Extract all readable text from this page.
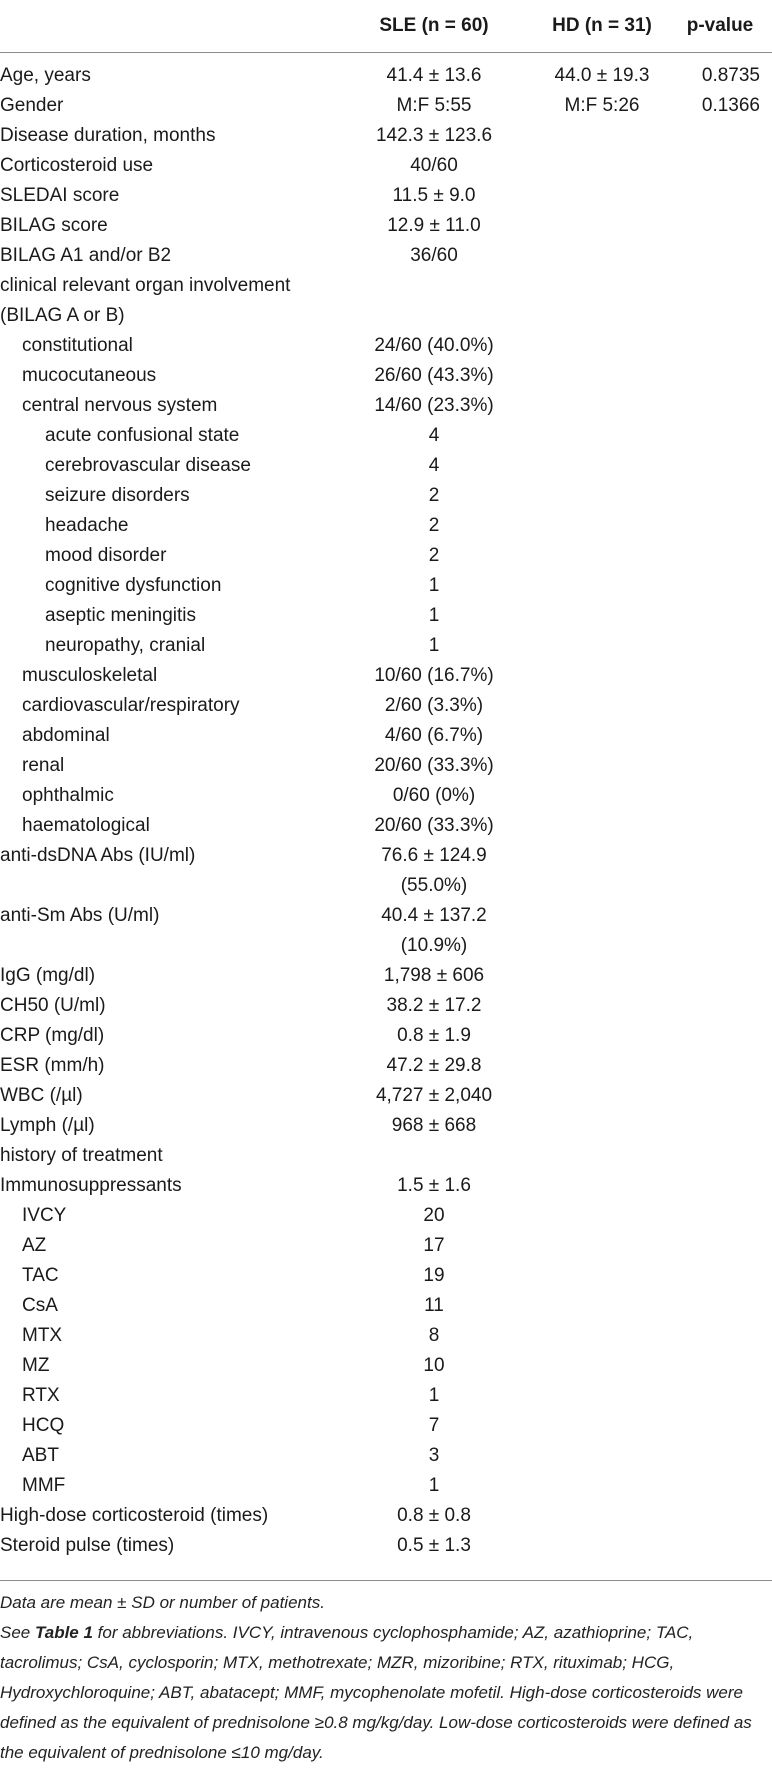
	SLE (n = 60)	HD (n = 31)	p-value

Age, years	41.4 ± 13.6	44.0 ± 19.3	0.8735
Gender	M:F 5:55	M:F 5:26	0.1366
Disease duration, months	142.3 ± 123.6		
Corticosteroid use	40/60		
SLEDAI score	11.5 ± 9.0		
BILAG score	12.9 ± 11.0		
BILAG A1 and/or B2	36/60		
clinical relevant organ involvement			
(BILAG A or B)			
constitutional	24/60 (40.0%)		
mucocutaneous	26/60 (43.3%)		
central nervous system	14/60 (23.3%)		
acute confusional state	4		
cerebrovascular disease	4		
seizure disorders	2		
headache	2		
mood disorder	2		
cognitive dysfunction	1		
aseptic meningitis	1		
neuropathy, cranial	1		
musculoskeletal	10/60 (16.7%)		
cardiovascular/respiratory	2/60 (3.3%)		
abdominal	4/60 (6.7%)		
renal	20/60 (33.3%)		
ophthalmic	0/60 (0%)		
haematological	20/60 (33.3%)		
anti-dsDNA Abs (IU/ml)	76.6 ± 124.9		
	(55.0%)		
anti-Sm Abs (U/ml)	40.4 ± 137.2		
	(10.9%)		
IgG (mg/dl)	1,798 ± 606		
CH50 (U/ml)	38.2 ± 17.2		
CRP (mg/dl)	0.8 ± 1.9		
ESR (mm/h)	47.2 ± 29.8		
WBC (/µl)	4,727 ± 2,040		
Lymph (/µl)	968 ± 668		
history of treatment			
Immunosuppressants	1.5 ± 1.6		
IVCY	20		
AZ	17		
TAC	19		
CsA	11		
MTX	8		
MZ	10		
RTX	1		
HCQ	7		
ABT	3		
MMF	1		
High-dose corticosteroid (times)	0.8 ± 0.8		
Steroid pulse (times)	0.5 ± 1.3		

Data are mean ± SD or number of patients.

See Table 1 for abbreviations. IVCY, intravenous cyclophosphamide; AZ, azathioprine; TAC, tacrolimus; CsA, cyclosporin; MTX, methotrexate; MZR, mizoribine; RTX, rituximab; HCG, Hydroxychloroquine; ABT, abatacept; MMF, mycophenolate mofetil. High-dose corticosteroids were defined as the equivalent of prednisolone ≥0.8 mg/kg/day. Low-dose corticosteroids were defined as the equivalent of prednisolone ≤10 mg/day.
